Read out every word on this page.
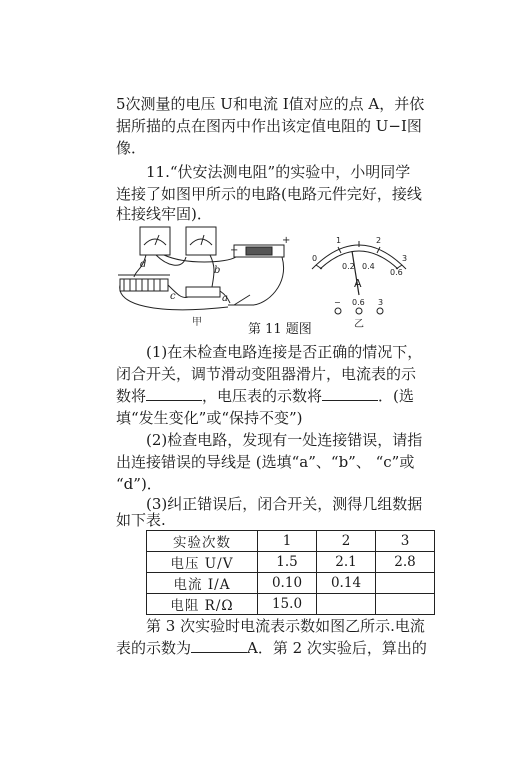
5次测量的电压 U和电流 I值对应的点 A，并依
据所描的点在图丙中作出该定值电阻的 U−I图
像．
11.“伏安法测电阻”的实验中，小明同学
连接了如图甲所示的电路(电路元件完好，接线
柱接线牢固)．
d
b
c	a
−
+
甲
0
0.2 0.4
0.6
1	2
3
A
− 0.6 3
乙
第 11 题图
(1)在未检查电路连接是否正确的情况下，
闭合开关，调节滑动变阻器滑片，电流表的示
数将	，电压表的示数将	．(选
填“发生变化”或“保持不变”)
(2)检查电路，发现有一处连接错误，请指
出连接错误的导线是 (选填“a”、“b”、 “c”或
“d”)．
(3)纠正错误后，闭合开关，测得几组数据
如下表.
实验次数	1	2	3
电压 U/V	1.5	2.1	2.8
电流 I/A	0.10	0.14	
电阻 R/Ω	15.0		
第 3 次实验时电流表示数如图乙所示.电流
表的示数为	A．第 2 次实验后，算出的
